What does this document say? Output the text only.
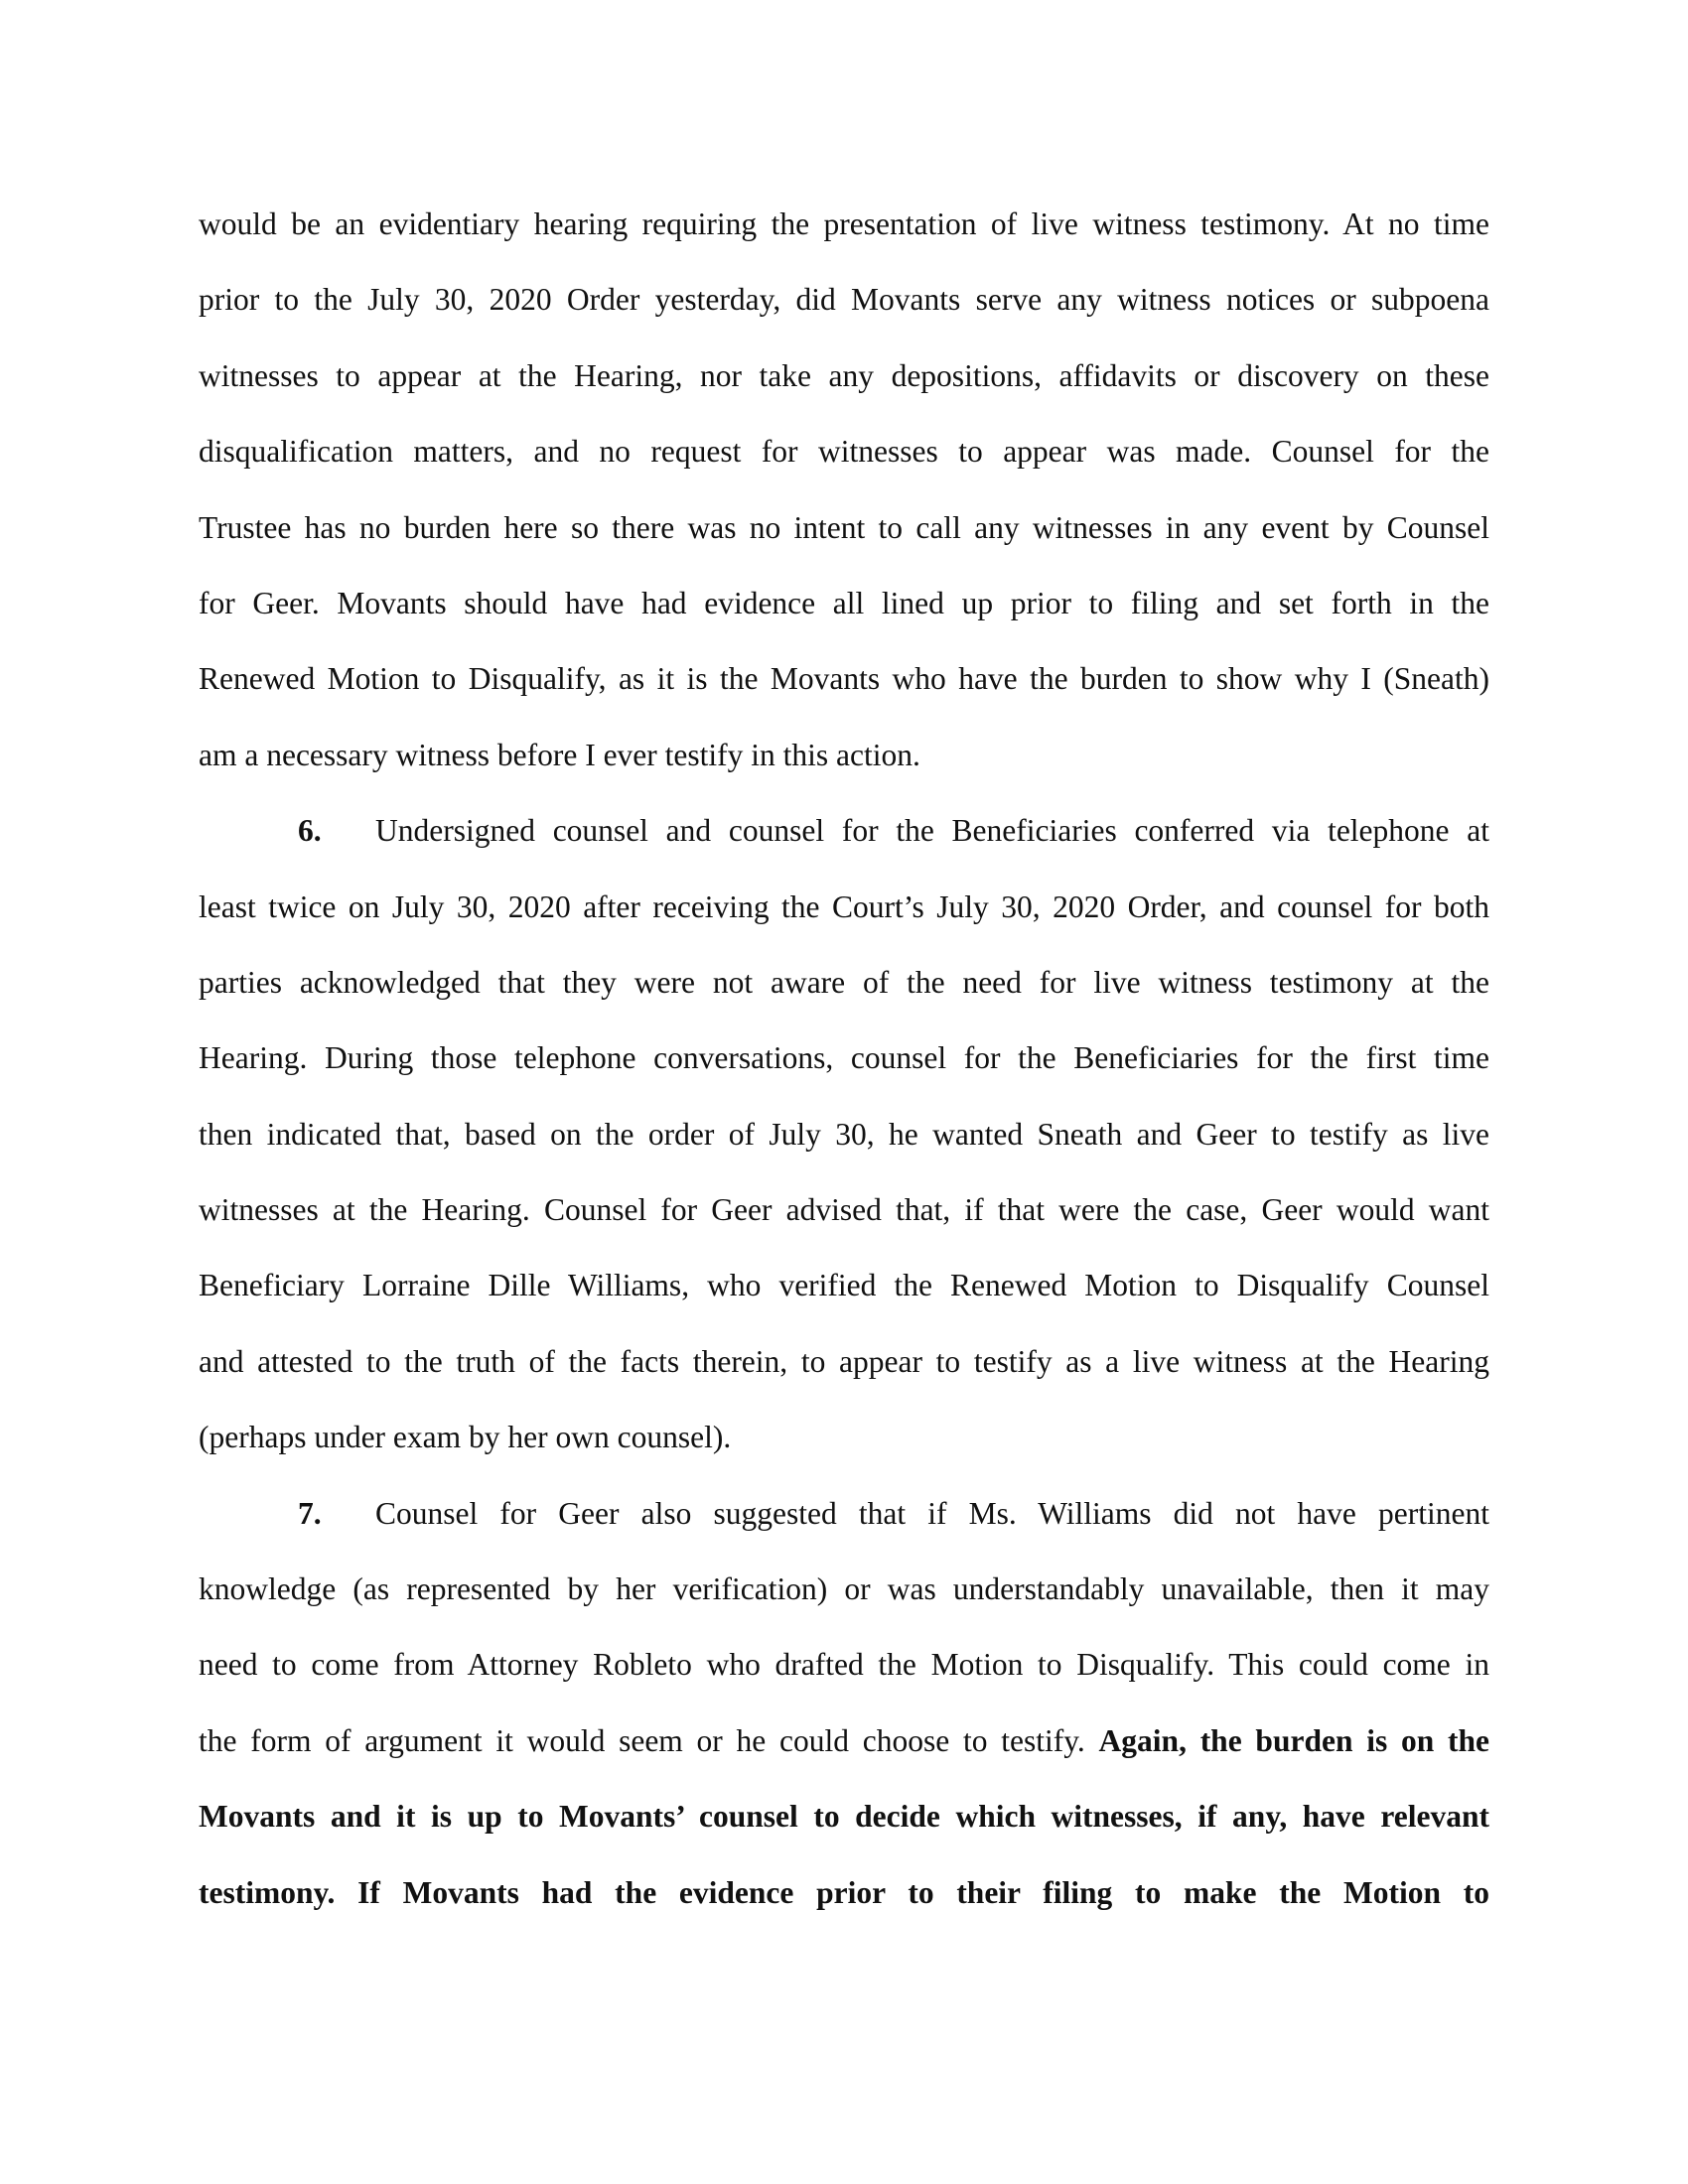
would be an evidentiary hearing requiring the presentation of live witness testimony. At no time
prior to the July 30, 2020 Order yesterday, did Movants serve any witness notices or subpoena
witnesses to appear at the Hearing, nor take any depositions, affidavits or discovery on these
disqualification matters, and no request for witnesses to appear was made. Counsel for the
Trustee has no burden here so there was no intent to call any witnesses in any event by Counsel
for Geer. Movants should have had evidence all lined up prior to filing and set forth in the
Renewed Motion to Disqualify, as it is the Movants who have the burden to show why I (Sneath)
am a necessary witness before I ever testify in this action.
6. Undersigned counsel and counsel for the Beneficiaries conferred via telephone at
least twice on July 30, 2020 after receiving the Court’s July 30, 2020 Order, and counsel for both
parties acknowledged that they were not aware of the need for live witness testimony at the
Hearing. During those telephone conversations, counsel for the Beneficiaries for the first time
then indicated that, based on the order of July 30, he wanted Sneath and Geer to testify as live
witnesses at the Hearing. Counsel for Geer advised that, if that were the case, Geer would want
Beneficiary Lorraine Dille Williams, who verified the Renewed Motion to Disqualify Counsel
and attested to the truth of the facts therein, to appear to testify as a live witness at the Hearing
(perhaps under exam by her own counsel).
7. Counsel for Geer also suggested that if Ms. Williams did not have pertinent
knowledge (as represented by her verification) or was understandably unavailable, then it may
need to come from Attorney Robleto who drafted the Motion to Disqualify. This could come in
the form of argument it would seem or he could choose to testify. Again, the burden is on the
Movants and it is up to Movants’ counsel to decide which witnesses, if any, have relevant
testimony. If Movants had the evidence prior to their filing to make the Motion to
